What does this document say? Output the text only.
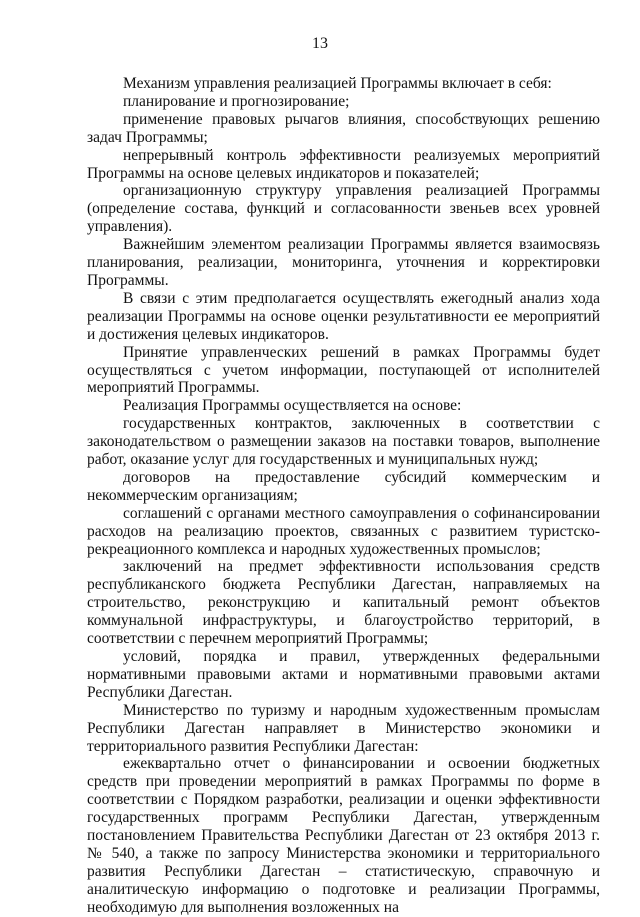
13

Механизм управления реализацией Программы включает в себя:

планирование и прогнозирование;

применение правовых рычагов влияния, способствующих решению задач Программы;

непрерывный контроль эффективности реализуемых мероприятий Программы на основе целевых индикаторов и показателей;

организационную структуру управления реализацией Программы (определение состава, функций и согласованности звеньев всех уровней управления).

Важнейшим элементом реализации Программы является взаимосвязь планирования, реализации, мониторинга, уточнения и корректировки Программы.

В связи с этим предполагается осуществлять ежегодный анализ хода реализации Программы на основе оценки результативности ее мероприятий и достижения целевых индикаторов.

Принятие управленческих решений в рамках Программы будет осуществляться с учетом информации, поступающей от исполнителей мероприятий Программы.

Реализация Программы осуществляется на основе:

государственных контрактов, заключенных в соответствии с законодательством о размещении заказов на поставки товаров, выполнение работ, оказание услуг для государственных и муниципальных нужд;

договоров на предоставление субсидий коммерческим и некоммерческим организациям;

соглашений с органами местного самоуправления о софинансировании расходов на реализацию проектов, связанных с развитием туристско-рекреационного комплекса и народных художественных промыслов;

заключений на предмет эффективности использования средств республиканского бюджета Республики Дагестан, направляемых на строительство, реконструкцию и капитальный ремонт объектов коммунальной инфраструктуры, и благоустройство территорий, в соответствии с перечнем мероприятий Программы;

условий, порядка и правил, утвержденных федеральными нормативными правовыми актами и нормативными правовыми актами Республики Дагестан.

Министерство по туризму и народным художественным промыслам Республики Дагестан направляет в Министерство экономики и территориального развития Республики Дагестан:

ежеквартально отчет о финансировании и освоении бюджетных средств при проведении мероприятий в рамках Программы по форме в соответствии с Порядком разработки, реализации и оценки эффективности государственных программ Республики Дагестан, утвержденным постановлением Правительства Республики Дагестан от 23 октября 2013 г. № 540, а также по запросу Министерства экономики и территориального развития Республики Дагестан – статистическую, справочную и аналитическую информацию о подготовке и реализации Программы, необходимую для выполнения возложенных на
